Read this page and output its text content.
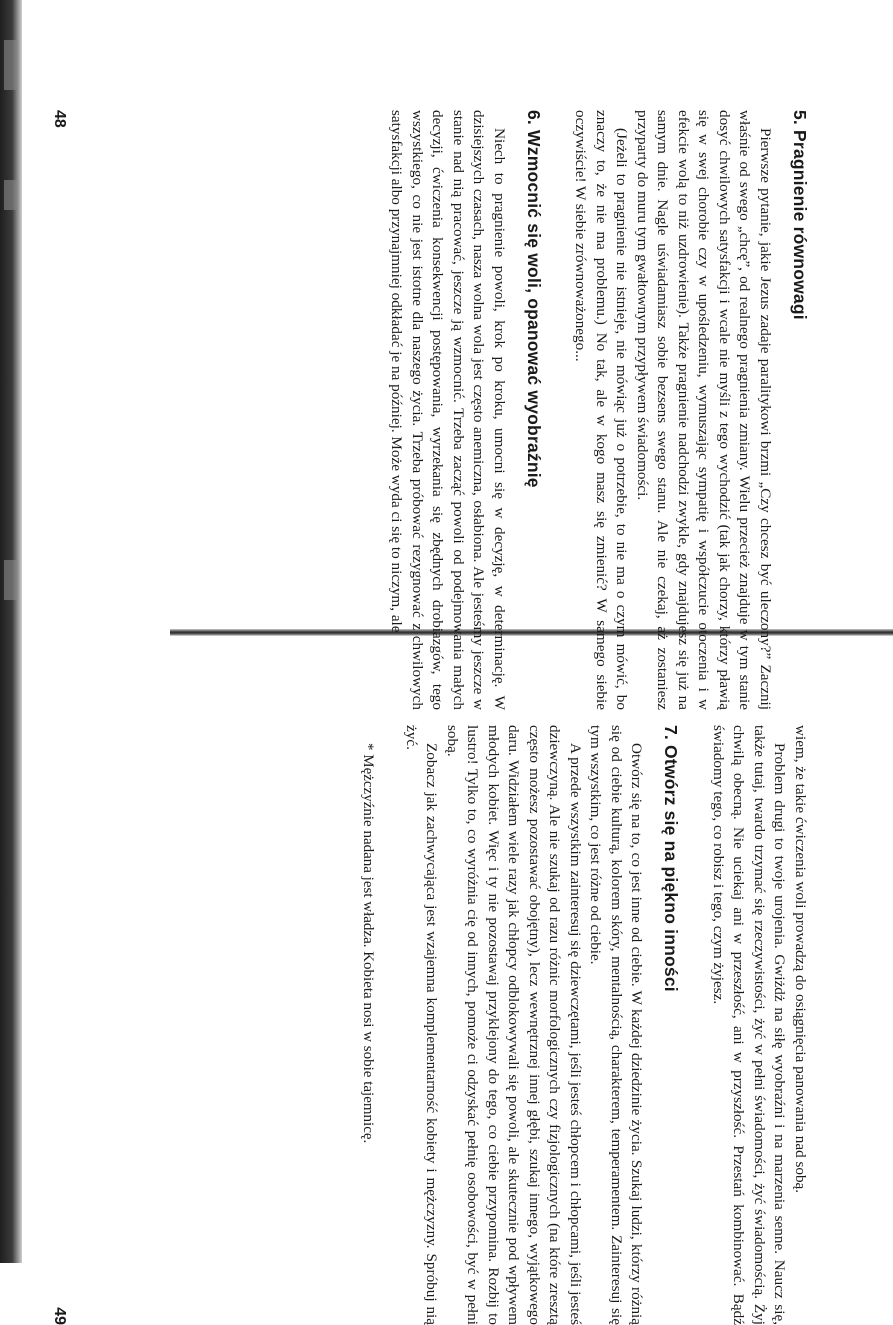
5. Pragnienie równowagi

Pierwsze pytanie, jakie Jezus zadaje paralitykowi brzmi „Czy chcesz być uleczony?” Zacznij właśnie od swego „chcę”, od realnego pragnienia zmiany. Wielu przecież znajduje w tym stanie dosyć chwilowych satysfakcji i wcale nie myśli z tego wychodzić (tak jak chorzy, którzy pławią się w swej chorobie czy w upośledzeniu, wymuszając sympatię i współczucie otoczenia i w efekcie wolą to niż uzdrowienie). Także pragnienie nadchodzi zwykle, gdy znajdujesz się już na samym dnie. Nagle uświadamiasz sobie bezsens swego stanu. Ale nie czekaj, aż zostaniesz przyparty do muru tym gwałtownym przypływem świadomości.

(Jeżeli to pragnienie nie istnieje, nie mówiąc już o potrzebie, to nie ma o czym mówić, bo znaczy to, że nie ma problemu.) No tak, ale w kogo masz się zmienić? W samego siebie oczywiście! W siebie zrównoważonego...

6. Wzmocnić się woli, opanować wyobraźnię

Niech to pragnienie powoli, krok po kroku, umocni się w decyzję, w determinację. W dzisiejszych czasach, nasza wolna wola jest często anemiczna, osłabiona. Ale jesteśmy jeszcze w stanie nad nią pracować, jeszcze ją wzmocnić. Trzeba zacząć powoli od podejmowania małych decyzji, ćwiczenia konsekwencji postępowania, wyrzekania się zbędnych drobiazgów, tego wszystkiego, co nie jest istotne dla naszego życia. Trzeba próbować rezygnować z chwilowych satysfakcji albo przynajmniej odkładać je na później. Może wyda ci się to niczym, ale

48

wiem, że takie ćwiczenia woli prowadzą do osiągnięcia panowania nad sobą.

Problem drugi to twoje urojenia. Gwiżdż na siłę wyobraźni i na marzenia senne. Naucz się, także tutaj, twardo trzymać się rzeczywistości, żyć w pełni świadomości, żyć świadomością. Żyj chwilą obecną. Nie uciekaj ani w przeszłość, ani w przyszłość. Przestań kombinować. Bądź świadomy tego, co robisz i tego, czym żyjesz.

7. Otwórz się na piękno inności

Otwórz się na to, co jest inne od ciebie. W każdej dziedzinie życia. Szukaj ludzi, którzy różnią się od ciebie kulturą, kolorem skóry, mentalnością, charakterem, temperamentem. Zainteresuj się tym wszystkim, co jest różne od ciebie.

A przede wszystkim zainteresuj się dziewczętami, jeśli jesteś chłopcem i chłopcami, jeśli jesteś dziewczyną. Ale nie szukaj od razu różnic morfologicznych czy fizjologicznych (na które zresztą często możesz pozostawać obojętny), lecz wewnętrznej innej głębi, szukaj innego, wyjątkowego daru. Widziałem wiele razy jak chłopcy odblokowywali się powoli, ale skutecznie pod wpływem młodych kobiet. Więc i ty nie pozostawaj przyklejony do tego, co ciebie przypomina. Rozbij to lustro! Tylko to, co wyróżnia cię od innych, pomoże ci odzyskać pełnię osobowości, być w pełni sobą.

Zobacz jak zachwycająca jest wzajemna komplementarność kobiety i mężczyzny. Spróbuj nią żyć.

* Mężczyźnie nadana jest władza. Kobieta nosi w sobie tajemnicę.

49
